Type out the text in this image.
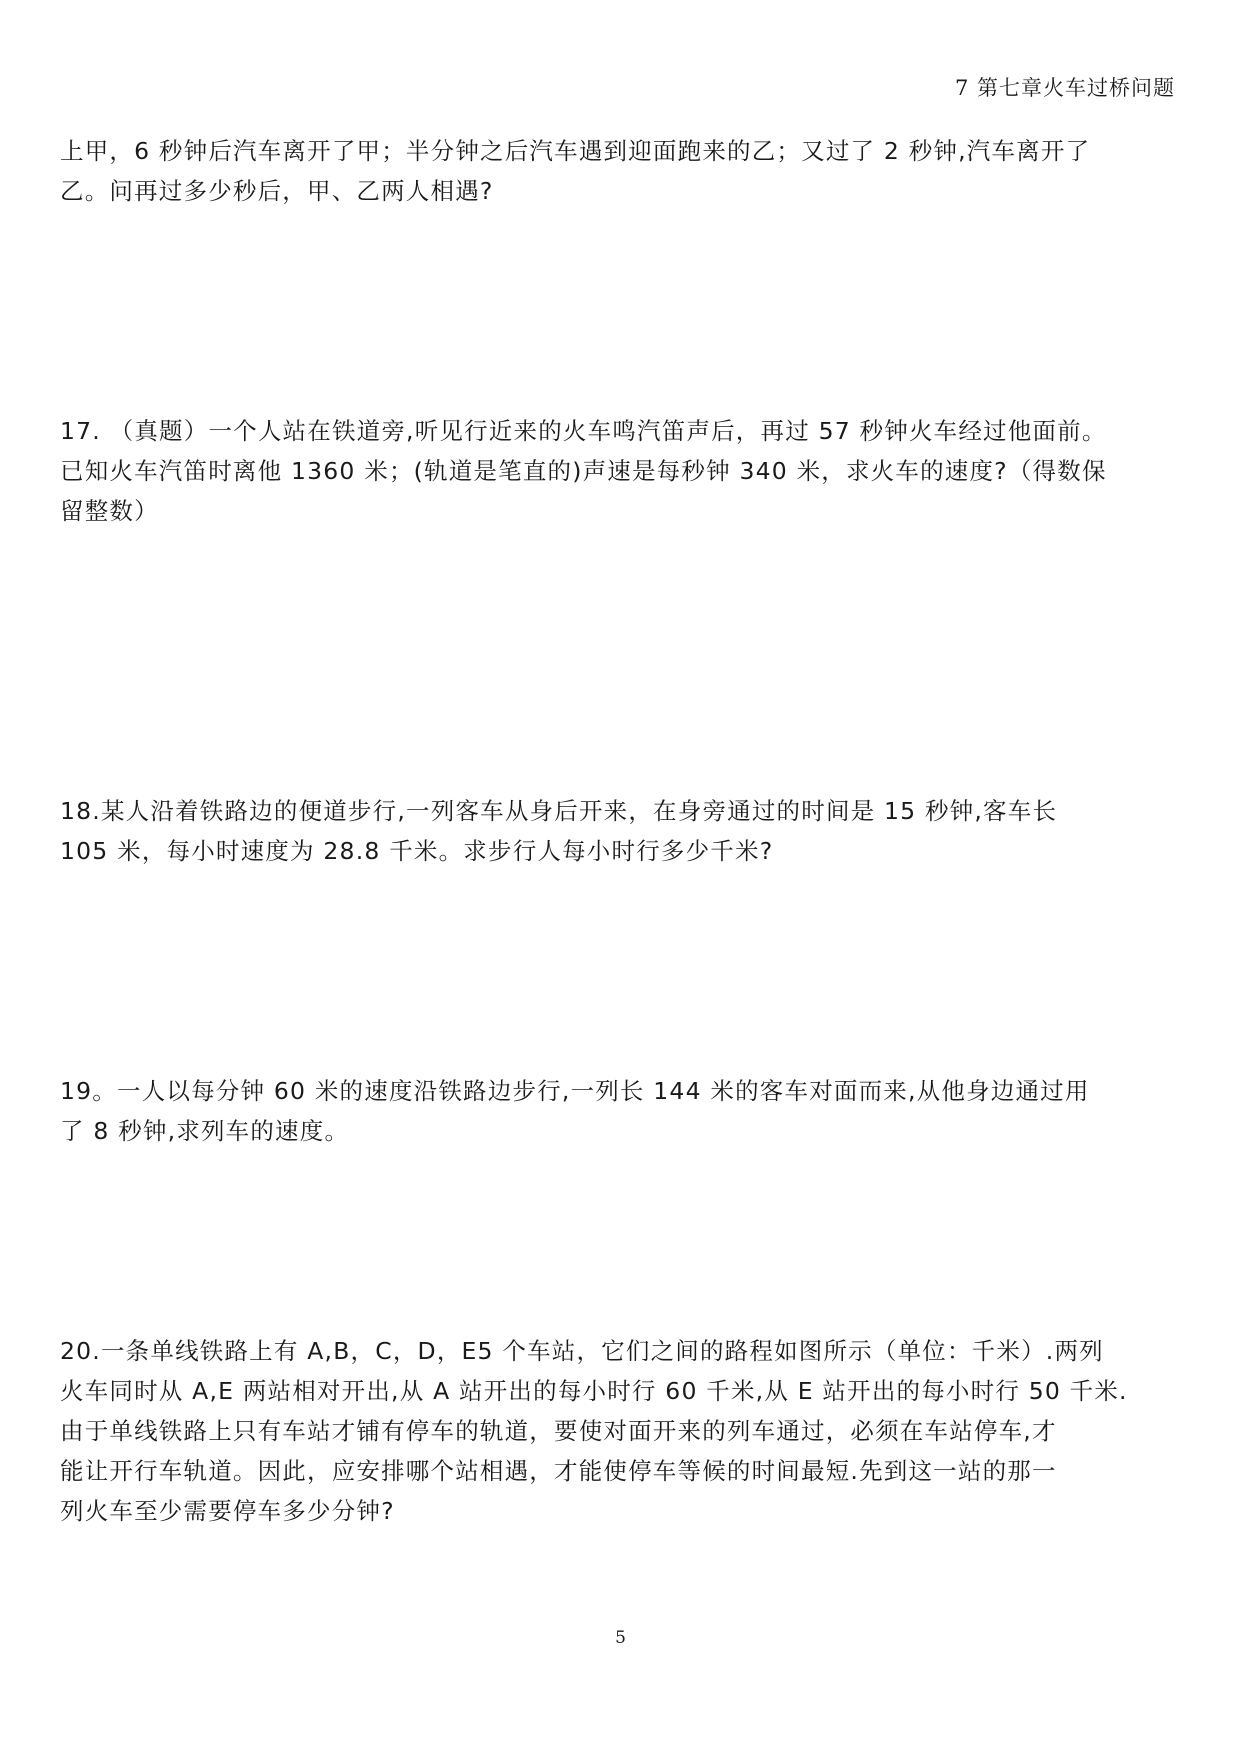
7 第七章火车过桥问题
上甲，6 秒钟后汽车离开了甲；半分钟之后汽车遇到迎面跑来的乙；又过了 2 秒钟,汽车离开了
乙。问再过多少秒后，甲、乙两人相遇?
17. （真题）一个人站在铁道旁,听见行近来的火车鸣汽笛声后，再过 57 秒钟火车经过他面前。
已知火车汽笛时离他 1360 米；(轨道是笔直的)声速是每秒钟 340 米，求火车的速度?（得数保
留整数）
18.某人沿着铁路边的便道步行,一列客车从身后开来，在身旁通过的时间是 15 秒钟,客车长
105 米，每小时速度为 28.8 千米。求步行人每小时行多少千米?
19。一人以每分钟 60 米的速度沿铁路边步行,一列长 144 米的客车对面而来,从他身边通过用
了 8 秒钟,求列车的速度。
20.一条单线铁路上有 A,B，C，D，E5 个车站，它们之间的路程如图所示（单位：千米）.两列
火车同时从 A,E 两站相对开出,从 A 站开出的每小时行 60 千米,从 E 站开出的每小时行 50 千米.
由于单线铁路上只有车站才铺有停车的轨道，要使对面开来的列车通过，必须在车站停车,才
能让开行车轨道。因此，应安排哪个站相遇，才能使停车等候的时间最短.先到这一站的那一
列火车至少需要停车多少分钟?
5
